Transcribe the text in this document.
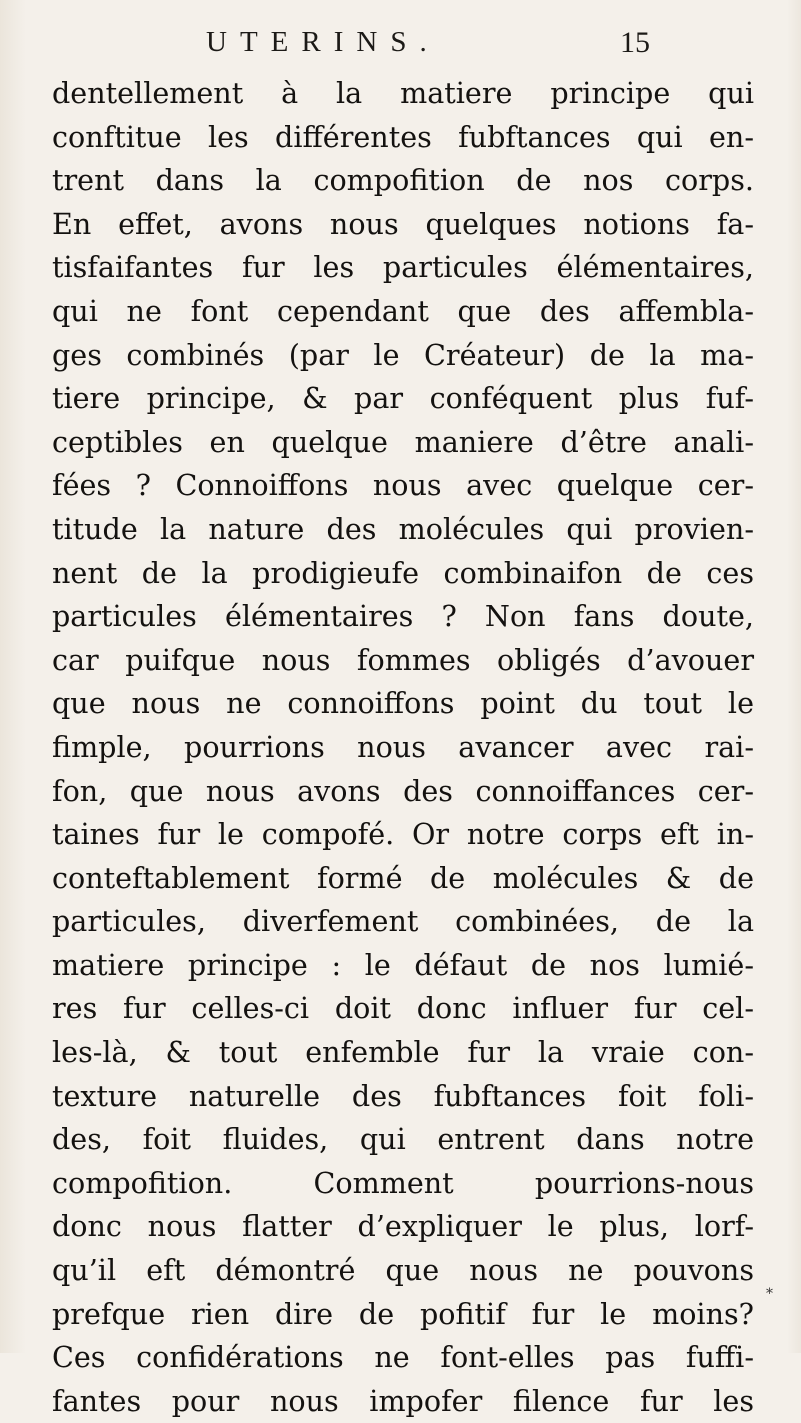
UTERINS.	15
dentellement à la matiere principe qui
conftitue les différentes fubftances qui en-
trent dans la compofition de nos corps.
En effet, avons nous quelques notions fa-
tisfaifantes fur les particules élémentaires,
qui ne font cependant que des affembla-
ges combinés (par le Créateur) de la ma-
tiere principe, & par conféquent plus fuf-
ceptibles en quelque maniere d’être anali-
fées ? Connoiffons nous avec quelque cer-
titude la nature des molécules qui provien-
nent de la prodigieufe combinaifon de ces
particules élémentaires ? Non fans doute,
car puifque nous fommes obligés d’avouer
que nous ne connoiffons point du tout le
fimple, pourrions nous avancer avec rai-
fon, que nous avons des connoiffances cer-
taines fur le compofé. Or notre corps eft in-
conteftablement formé de molécules & de
particules, diverfement combinées, de la
matiere principe : le défaut de nos lumié-
res fur celles-ci doit donc influer fur cel-
les-là, & tout enfemble fur la vraie con-
texture naturelle des fubftances foit foli-
des, foit fluides, qui entrent dans notre
compofition. Comment pourrions-nous
donc nous flatter d’expliquer le plus, lorf-
qu’il eft démontré que nous ne pouvons
prefque rien dire de pofitif fur le moins?
Ces confidérations ne font-elles pas fuffi-
fantes pour nous impofer filence fur les
*
